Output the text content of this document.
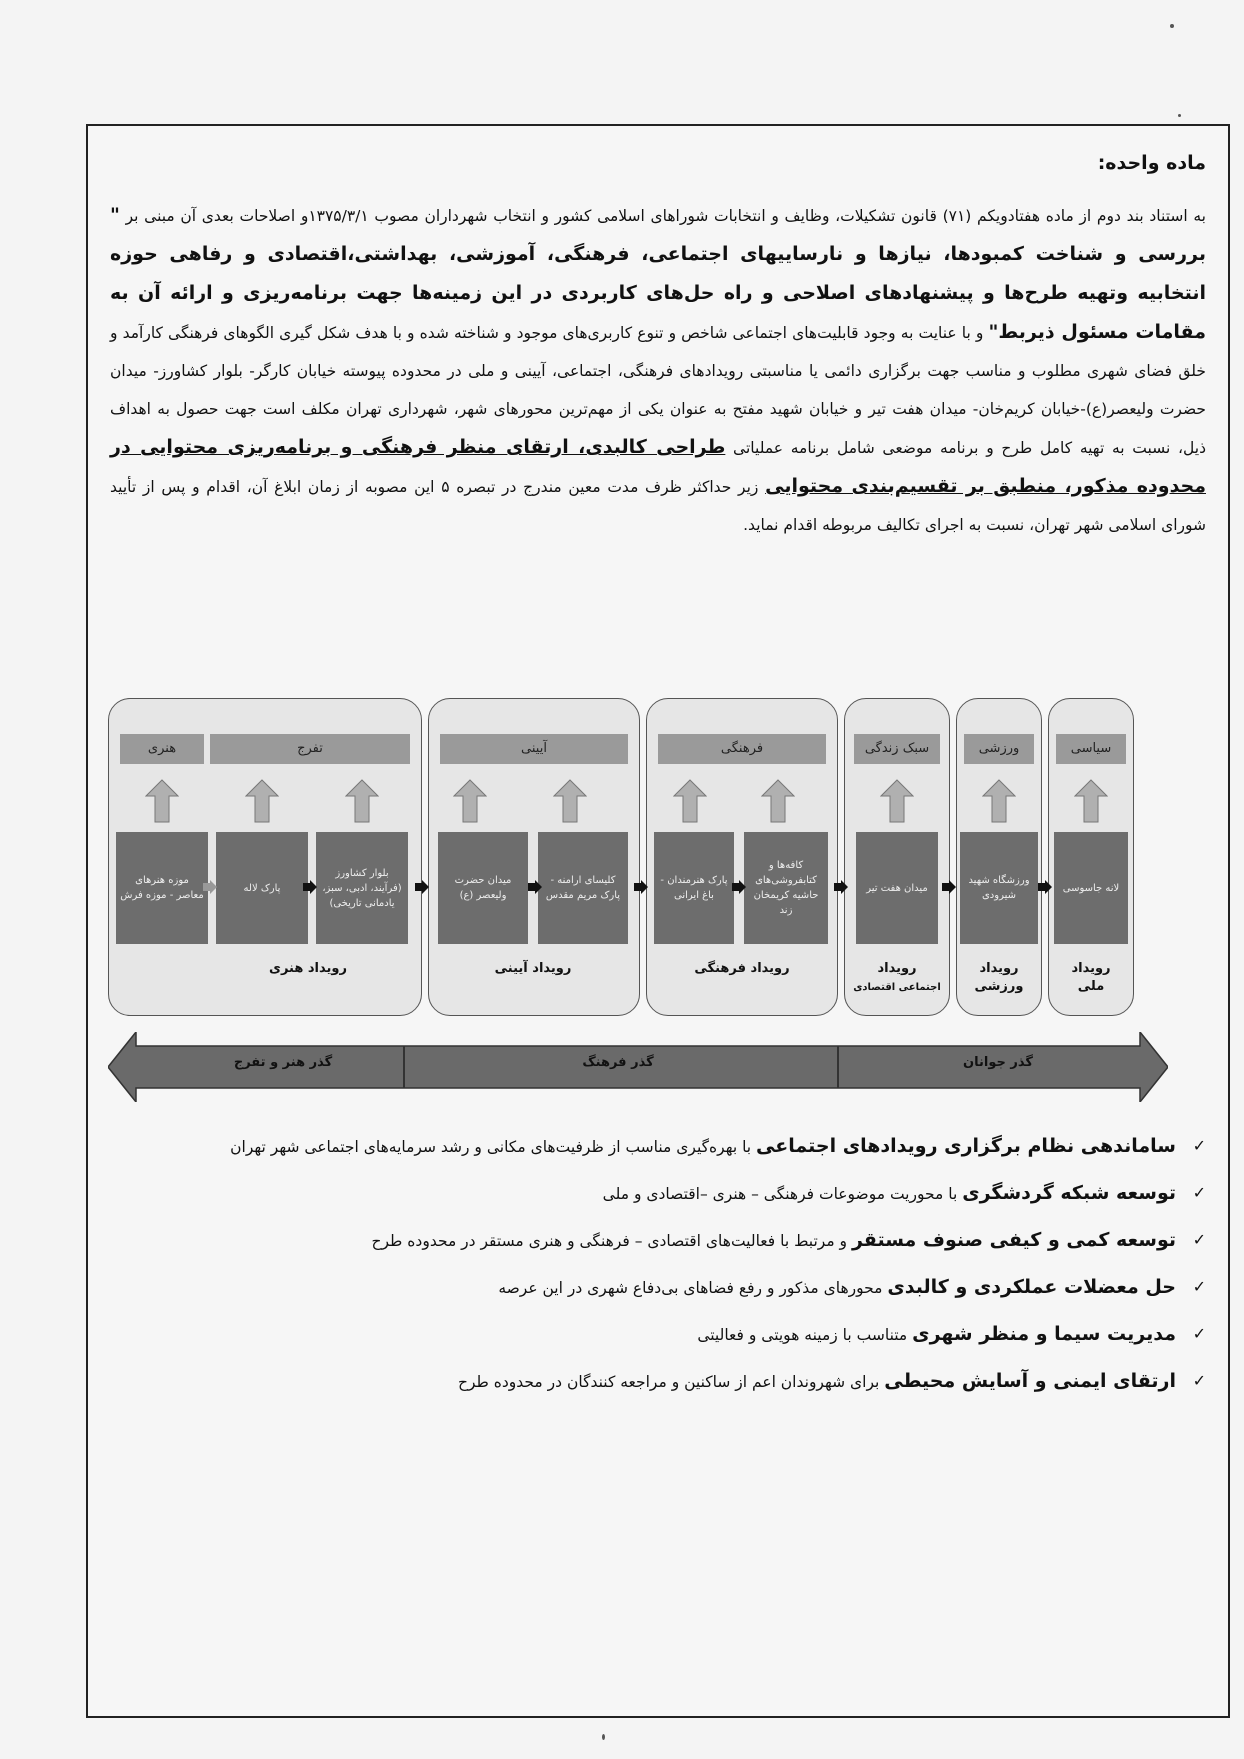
ماده واحده:
به استناد بند دوم از ماده هفتادویکم (۷۱) قانون تشکیلات، وظایف و انتخابات شوراهای اسلامی کشور و انتخاب شهرداران مصوب ۱۳۷۵/۳/۱و اصلاحات بعدی آن مبنی بر " بررسی و شناخت کمبودها، نیازها و نارساییهای اجتماعی، فرهنگی، آموزشی، بهداشتی،اقتصادی و رفاهی حوزه انتخابیه وتهیه طرح‌ها و پیشنهادهای اصلاحی و راه حل‌های کاربردی در این زمینه‌ها جهت برنامه‌ریزی و ارائه آن به مقامات مسئول ذیربط" و با عنایت به وجود قابلیت‌های اجتماعی شاخص و تنوع کاربری‌های موجود و شناخته شده و با هدف شکل گیری الگوهای فرهنگی کارآمد و خلق فضای شهری مطلوب و مناسب جهت برگزاری دائمی یا مناسبتی رویدادهای فرهنگی، اجتماعی، آیینی و ملی در محدوده پیوسته خیابان کارگر- بلوار کشاورز- میدان حضرت ولیعصر(ع)-خیابان کریم‌خان- میدان هفت تیر و خیابان شهید مفتح به عنوان یکی از مهم‌ترین محورهای شهر، شهرداری تهران مکلف است جهت حصول به اهداف ذیل، نسبت به تهیه کامل طرح و برنامه موضعی شامل برنامه عملیاتی طراحی کالبدی، ارتقای منظر فرهنگی و برنامه‌ریزی محتوایی در محدوده مذکور، منطبق بر تقسیم‌بندی محتوایی زیر حداکثر ظرف مدت معین مندرج در تبصره ۵ این مصوبه از زمان ابلاغ آن، اقدام و پس از تأیید شورای اسلامی شهر تهران، نسبت به اجرای تکالیف مربوطه اقدام نماید.
هنری	تفرج	آیینی	فرهنگی	سبک زندگی	ورزشی	سیاسی
موزه هنرهای معاصر - موزه فرش
پارک لاله
بلوار کشاورز (فرآیند، ادبی، سبز، یادمانی تاریخی)
میدان حضرت ولیعصر (ع)
کلیسای ارامنه - پارک مریم مقدس
پارک هنرمندان - باغ ایرانی
کافه‌ها و کتابفروشی‌های حاشیه کریمخان زند
میدان هفت تیر
ورزشگاه شهید شیرودی
لانه جاسوسی
رویداد هنری	رویداد آیینی	رویداد فرهنگی	رویداد
اجتماعی اقتصادی
رویداد
ورزشی
رویداد
ملی
گذر هنر و تفرج	گذر فرهنگ	گذر جوانان
✓
ساماندهی نظام برگزاری رویدادهای اجتماعی با بهره‌گیری مناسب از ظرفیت‌های مکانی و رشد سرمایه‌های اجتماعی شهر تهران
✓
توسعه شبکه گردشگری با محوریت موضوعات فرهنگی – هنری –اقتصادی و ملی
✓
توسعه کمی و کیفی صنوف مستقر و مرتبط با فعالیت‌های اقتصادی – فرهنگی و هنری مستقر در محدوده طرح
✓
حل معضلات عملکردی و کالبدی محورهای مذکور و رفع فضاهای بی‌دفاع شهری در این عرصه
✓
مدیریت سیما و منظر شهری متناسب با زمینه هویتی و فعالیتی
✓
ارتقای ایمنی و آسایش محیطی برای شهروندان اعم از ساکنین و مراجعه کنندگان در محدوده طرح
